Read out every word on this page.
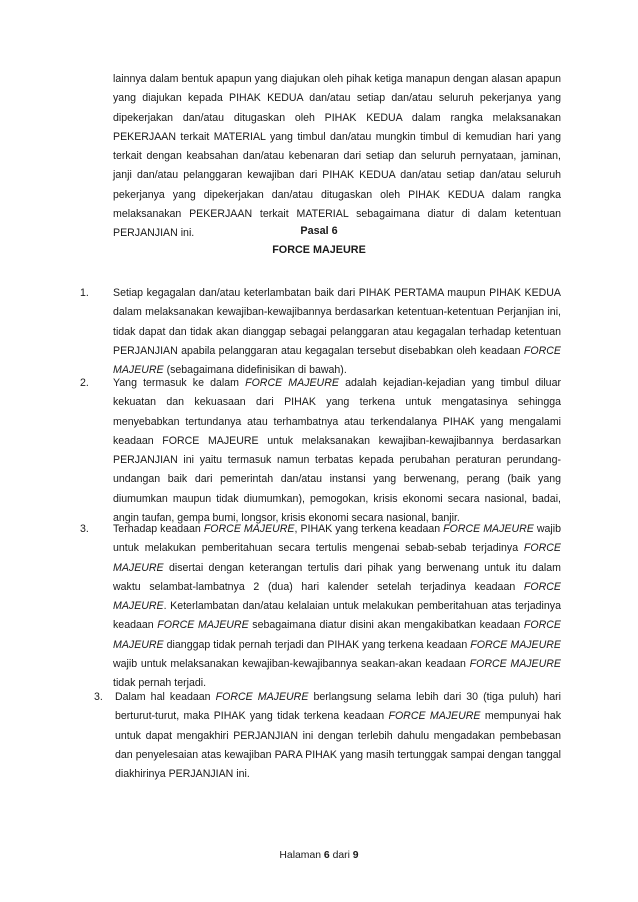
lainnya dalam bentuk apapun yang diajukan oleh pihak ketiga manapun dengan alasan apapun yang diajukan kepada PIHAK KEDUA dan/atau setiap dan/atau seluruh pekerjanya yang dipekerjakan dan/atau ditugaskan oleh PIHAK KEDUA dalam rangka melaksanakan PEKERJAAN terkait MATERIAL yang timbul dan/atau mungkin timbul di kemudian hari yang terkait dengan keabsahan dan/atau kebenaran dari setiap dan seluruh pernyataan, jaminan, janji dan/atau pelanggaran kewajiban dari PIHAK KEDUA dan/atau setiap dan/atau seluruh pekerjanya yang dipekerjakan dan/atau ditugaskan oleh PIHAK KEDUA dalam rangka melaksanakan PEKERJAAN terkait MATERIAL sebagaimana diatur di dalam ketentuan PERJANJIAN ini.	Pasal 6

FORCE MAJEURE

1. Setiap kegagalan dan/atau keterlambatan baik dari PIHAK PERTAMA maupun PIHAK KEDUA dalam melaksanakan kewajiban-kewajibannya berdasarkan ketentuan-ketentuan Perjanjian ini, tidak dapat dan tidak akan dianggap sebagai pelanggaran atau kegagalan terhadap ketentuan PERJANJIAN apabila pelanggaran atau kegagalan tersebut disebabkan oleh keadaan FORCE MAJEURE (sebagaimana didefinisikan di bawah).

2. Yang termasuk ke dalam FORCE MAJEURE adalah kejadian-kejadian yang timbul diluar kekuatan dan kekuasaan dari PIHAK yang terkena untuk mengatasinya sehingga menyebabkan tertundanya atau terhambatnya atau terkendalanya PIHAK yang mengalami keadaan FORCE MAJEURE untuk melaksanakan kewajiban-kewajibannya berdasarkan PERJANJIAN ini yaitu termasuk namun terbatas kepada perubahan peraturan perundang-undangan baik dari pemerintah dan/atau instansi yang berwenang, perang (baik yang diumumkan maupun tidak diumumkan), pemogokan, krisis ekonomi secara nasional, badai, angin taufan, gempa bumi, longsor, krisis ekonomi secara nasional, banjir.

3. Terhadap keadaan FORCE MAJEURE, PIHAK yang terkena keadaan FORCE MAJEURE wajib untuk melakukan pemberitahuan secara tertulis mengenai sebab-sebab terjadinya FORCE MAJEURE disertai dengan keterangan tertulis dari pihak yang berwenang untuk itu dalam waktu selambat-lambatnya 2 (dua) hari kalender setelah terjadinya keadaan FORCE MAJEURE. Keterlambatan dan/atau kelalaian untuk melakukan pemberitahuan atas terjadinya keadaan FORCE MAJEURE sebagaimana diatur disini akan mengakibatkan keadaan FORCE MAJEURE dianggap tidak pernah terjadi dan PIHAK yang terkena keadaan FORCE MAJEURE wajib untuk melaksanakan kewajiban-kewajibannya seakan-akan keadaan FORCE MAJEURE tidak pernah terjadi.

3. Dalam hal keadaan FORCE MAJEURE berlangsung selama lebih dari 30 (tiga puluh) hari berturut-turut, maka PIHAK yang tidak terkena keadaan FORCE MAJEURE mempunyai hak untuk dapat mengakhiri PERJANJIAN ini dengan terlebih dahulu mengadakan pembebasan dan penyelesaian atas kewajiban PARA PIHAK yang masih tertunggak sampai dengan tanggal diakhirinya PERJANJIAN ini.

Halaman 6 dari 9
